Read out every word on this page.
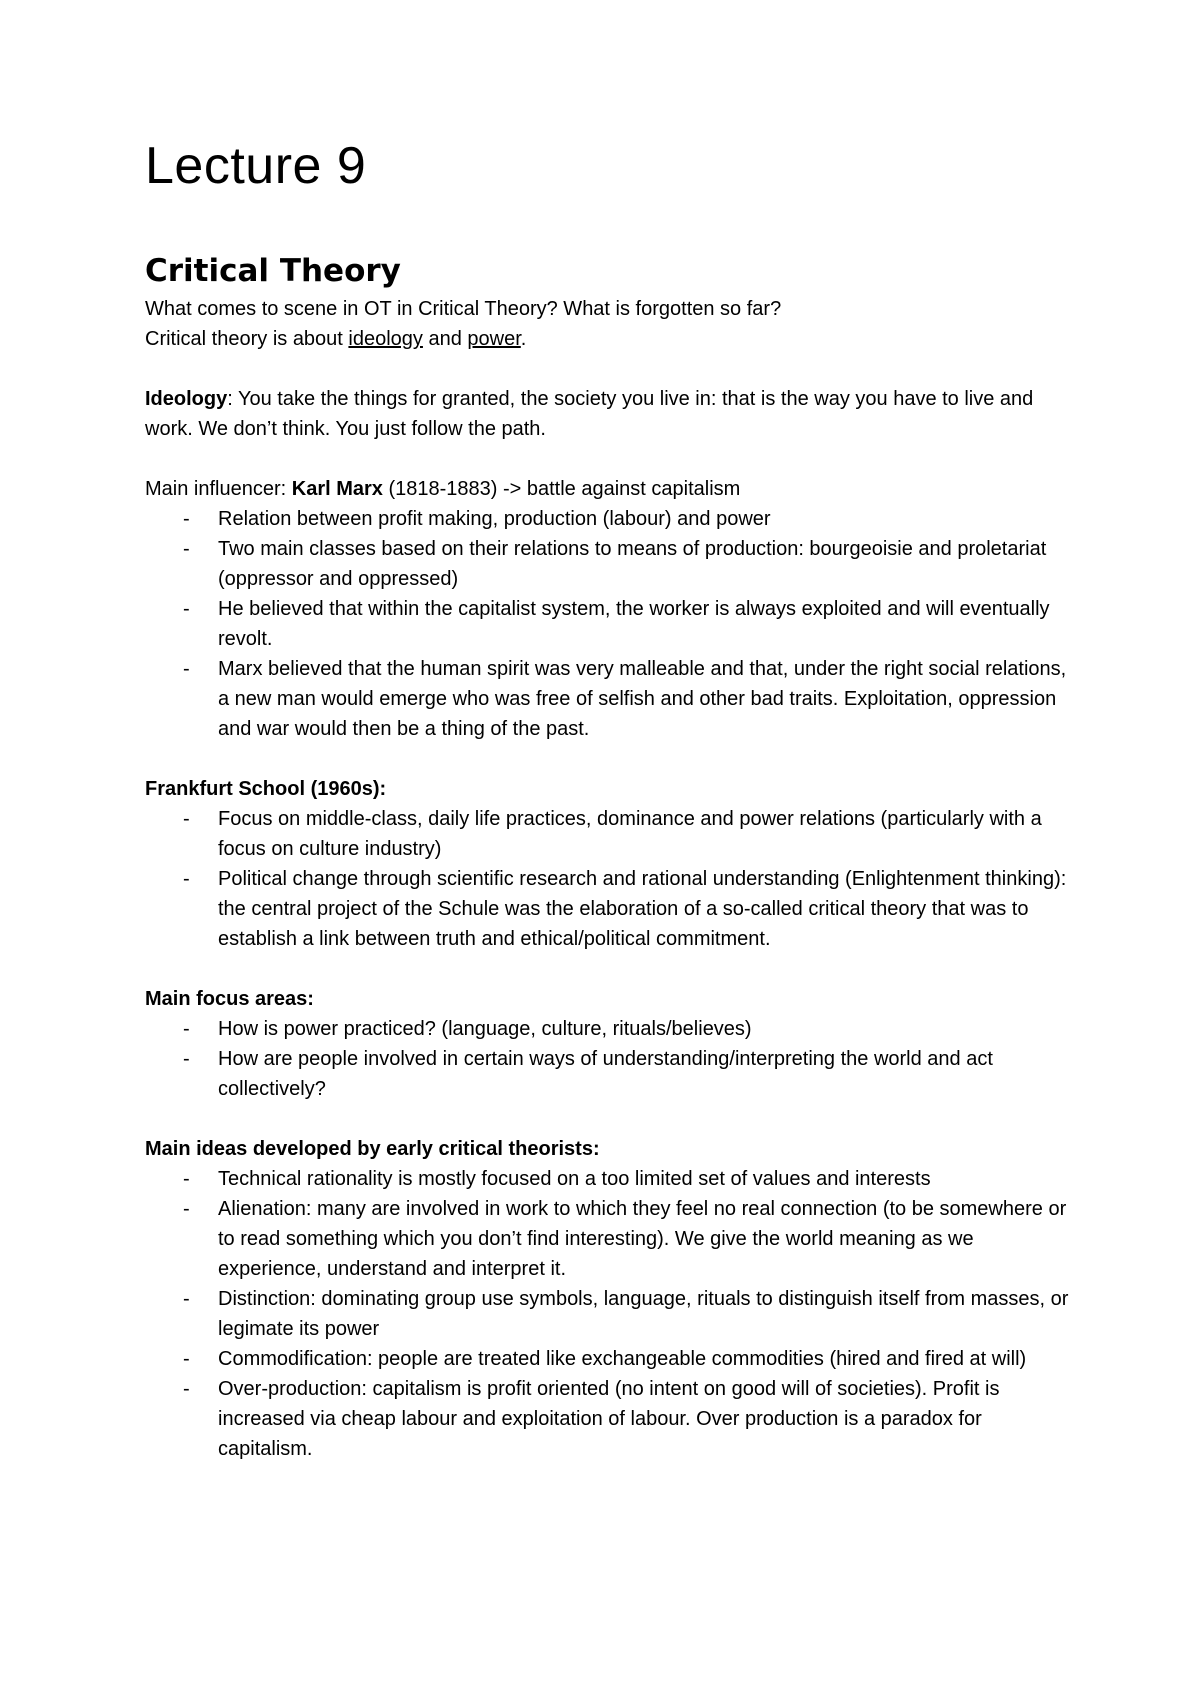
Lecture 9
Critical Theory

What comes to scene in OT in Critical Theory? What is forgotten so far?

Critical theory is about ideology and power.

Ideology: You take the things for granted, the society you live in: that is the way you have to live and work. We don’t think. You just follow the path.

Main influencer: Karl Marx (1818-1883) -> battle against capitalism

- Relation between profit making, production (labour) and power
- Two main classes based on their relations to means of production: bourgeoisie and proletariat (oppressor and oppressed)
- He believed that within the capitalist system, the worker is always exploited and will eventually revolt.
- Marx believed that the human spirit was very malleable and that, under the right social relations, a new man would emerge who was free of selfish and other bad traits. Exploitation, oppression and war would then be a thing of the past.

Frankfurt School (1960s):

- Focus on middle-class, daily life practices, dominance and power relations (particularly with a focus on culture industry)
- Political change through scientific research and rational understanding (Enlightenment thinking): the central project of the Schule was the elaboration of a so-called critical theory that was to establish a link between truth and ethical/political commitment.

Main focus areas:

- How is power practiced? (language, culture, rituals/believes)
- How are people involved in certain ways of understanding/interpreting the world and act collectively?

Main ideas developed by early critical theorists:

- Technical rationality is mostly focused on a too limited set of values and interests
- Alienation: many are involved in work to which they feel no real connection (to be somewhere or to read something which you don’t find interesting). We give the world meaning as we experience, understand and interpret it.
- Distinction: dominating group use symbols, language, rituals to distinguish itself from masses, or legimate its power
- Commodification: people are treated like exchangeable commodities (hired and fired at will)
- Over-production: capitalism is profit oriented (no intent on good will of societies). Profit is increased via cheap labour and exploitation of labour. Over production is a paradox for capitalism.
